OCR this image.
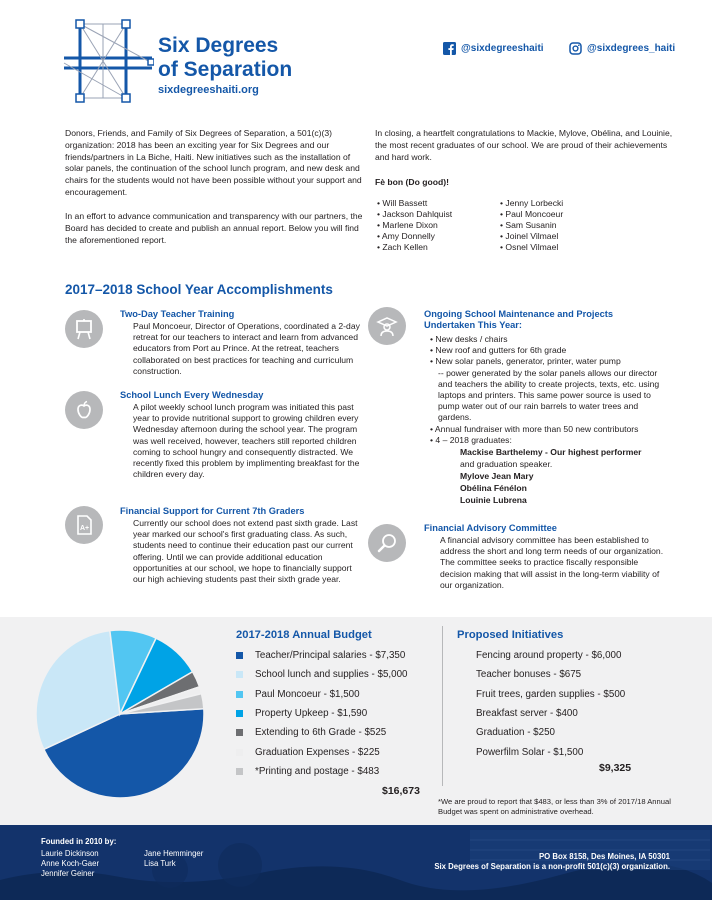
Six Degrees
of Separation
sixdegreeshaiti.org
@sixdegreeshaiti	@sixdegrees_haiti
Donors, Friends, and Family of Six Degrees of Separation, a 501(c)(3) organization: 2018 has been an exciting year for Six Degrees and our friends/partners in La Biche, Haiti. New initiatives such as the installation of solar panels, the continuation of the school lunch program, and new desk and chairs for the students would not have been possible without your support and encouragement.
In an effort to advance communication and transparency with our partners, the Board has decided to create and publish an annual report. Below you will find the aforementioned report.
In closing, a heartfelt congratulations to Mackie, Mylove, Obélina, and Louinie, the most recent graduates of our school. We are proud of their achievements and hard work.
Fè bon (Do good)!
• Will Bassett
• Jackson Dahlquist
• Marlene Dixon
• Amy Donnelly
• Zach Kellen
• Jenny Lorbecki
• Paul Moncoeur
• Sam Susanin
• Joinel Vilmael
• Osnel Vilmael
2017–2018 School Year Accomplishments
Two-Day Teacher Training
Paul Moncoeur, Director of Operations, coordinated a 2-day retreat for our teachers to interact and learn from advanced educators from Port au Prince. At the retreat, teachers collaborated on best practices for teaching and curriculum construction.
School Lunch Every Wednesday
A pilot weekly school lunch program was initiated this past year to provide nutritional support to growing children every Wednesday afternoon during the school year. The program was well received, however, teachers still reported children coming to school hungry and consequently distracted. We recently fixed this problem by implimenting breakfast for the children every day.
A+
Financial Support for Current 7th Graders
Currently our school does not extend past sixth grade. Last year marked our school's first graduating class. As such, students need to continue their education past our current offering. Until we can provide additional education opportunities at our school, we hope to financially support our high achieving students past their sixth grade year.
Ongoing School Maintenance and Projects
Undertaken This Year:
• New desks / chairs
• New roof and gutters for 6th grade
• New solar panels, generator, printer, water pump
-- power generated by the solar panels allows our director and teachers the ability to create projects, texts, etc. using laptops and printers. This same power source is used to pump water out of our rain barrels to water trees and gardens.
• Annual fundraiser with more than 50 new contributors
• 4 – 2018 graduates:
Mackise Barthelemy - Our highest performer
and graduation speaker.
Mylove Jean Mary
Obélina Fénélon
Louinie Lubrena
Financial Advisory Committee
A financial advisory committee has been established to address the short and long term needs of our organization. The committee seeks to practice fiscally responsible decision making that will assist in the long-term viability of our organization.
2017-2018 Annual Budget
Teacher/Principal salaries - $7,350
School lunch and supplies - $5,000
Paul Moncoeur - $1,500
Property Upkeep - $1,590
Extending to 6th Grade - $525
Graduation Expenses - $225
*Printing and postage - $483
$16,673
*We are proud to report that $483, or less than 3% of 2017/18 Annual Budget was spent on administrative overhead.
Proposed Initiatives
Fencing around property - $6,000
Teacher bonuses - $675
Fruit trees, garden supplies - $500
Breakfast server - $400
Graduation - $250
Powerfilm Solar - $1,500
$9,325
Founded in 2010 by:
Laurie Dickinson
Anne Koch-Gaer
Jennifer Geiner
Jane Hemminger
Lisa Turk
PO Box 8158, Des Moines, IA 50301
Six Degrees of Separation is a non-profit 501(c)(3) organization.
